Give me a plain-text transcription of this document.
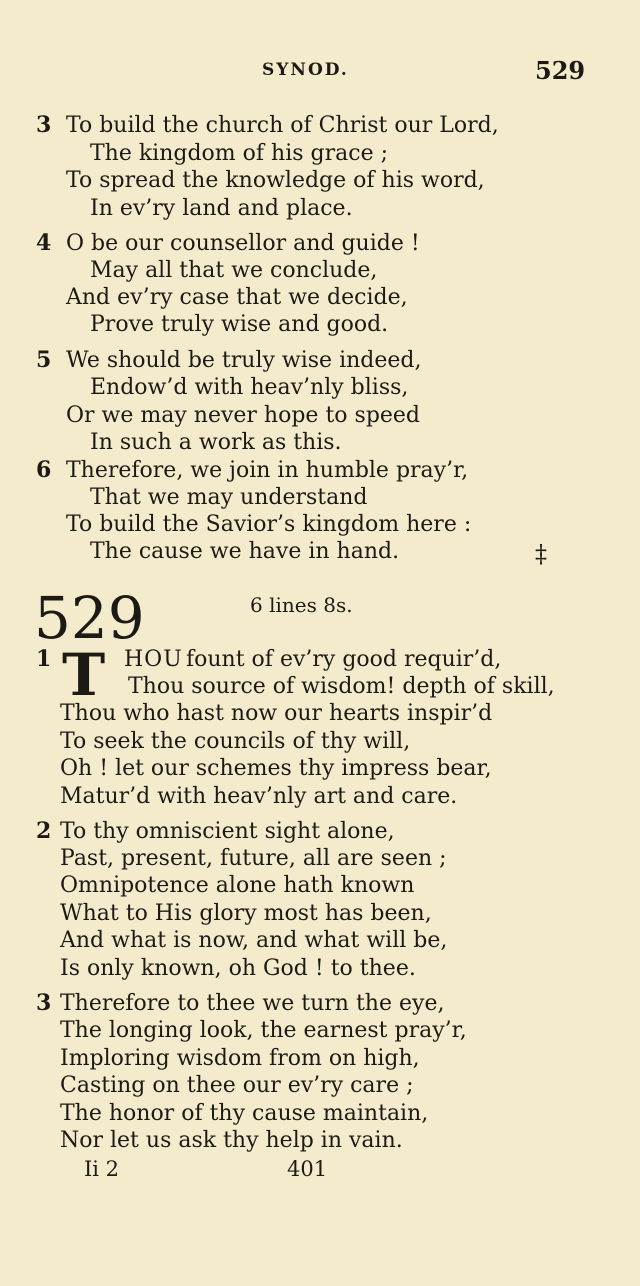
SYNOD.	529
3 To build the church of Christ our Lord,
The kingdom of his grace ;
To spread the knowledge of his word,
In ev’ry land and place.
4 O be our counsellor and guide !
May all that we conclude,
And ev’ry case that we decide,
Prove truly wise and good.
5 We should be truly wise indeed,
Endow’d with heav’nly bliss,
Or we may never hope to speed
In such a work as this.
6 Therefore, we join in humble pray’r,
That we may understand
To build the Savior’s kingdom here :
The cause we have in hand.	‡
529	6 lines 8s.
1 T HOU fount of ev’ry good requir’d,
Thou source of wisdom! depth of skill,
Thou who hast now our hearts inspir’d
To seek the councils of thy will,
Oh ! let our schemes thy impress bear,
Matur’d with heav’nly art and care.
2 To thy omniscient sight alone,
Past, present, future, all are seen ;
Omnipotence alone hath known
What to His glory most has been,
And what is now, and what will be,
Is only known, oh God ! to thee.
3 Therefore to thee we turn the eye,
The longing look, the earnest pray’r,
Imploring wisdom from on high,
Casting on thee our ev’ry care ;
The honor of thy cause maintain,
Nor let us ask thy help in vain.
Ii 2	401
